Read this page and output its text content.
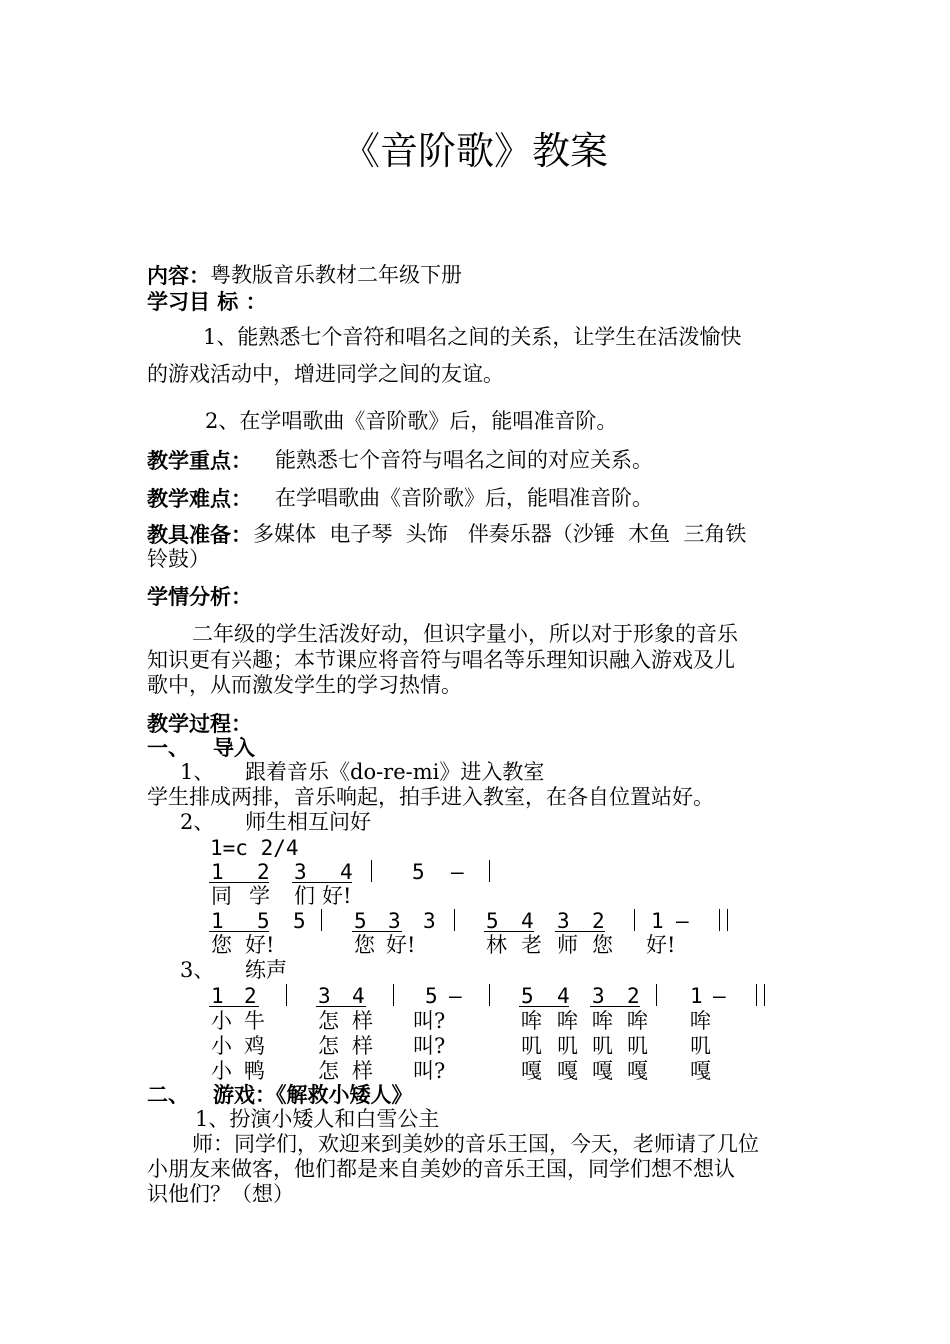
《音阶歌》教案
内容： 粤教版音乐教材二年级下册
学习目 标 ：
1、能熟悉七个音符和唱名之间的关系，让学生在活泼愉快
的游戏活动中，增进同学之间的友谊。
2、在学唱歌曲《音阶歌》后，能唱准音阶。
教学重点： 能熟悉七个音符与唱名之间的对应关系。
教学难点： 在学唱歌曲《音阶歌》后，能唱准音阶。
教具准备： 多媒体  电子琴  头饰   伴奏乐器（沙锤  木鱼  三角铁
铃鼓）
学情分析：
二年级的学生活泼好动，但识字量小，所以对于形象的音乐
知识更有兴趣；本节课应将音符与唱名等乐理知识融入游戏及儿
歌中，从而激发学生的学习热情。
教学过程：
一、 导入
1、 跟着音乐《do-re-mi》进入教室
学生排成两排，音乐响起，拍手进入教室，在各自位置站好。
2、 师生相互问好
1=c 2/4
1 2 3 4	5 —
同 学 们 好!
1 5 5 5 3 3 5 4 3 2 1 —
您 好!	您 好!	林 老 师 您 好!
3、 练声
1 2	3 4	5 —	5 4 3 2 1 —
小 牛	怎 样 叫?	哞 哞 哞 哞 哞
小 鸡	怎 样 叫?	叽 叽 叽 叽 叽
小 鸭	怎 样 叫?	嘎 嘎 嘎 嘎 嘎
二、 游戏：《解救小矮人》
1、扮演小矮人和白雪公主
师：同学们，欢迎来到美妙的音乐王国，今天，老师请了几位
小朋友来做客，他们都是来自美妙的音乐王国，同学们想不想认
识他们？（想）
